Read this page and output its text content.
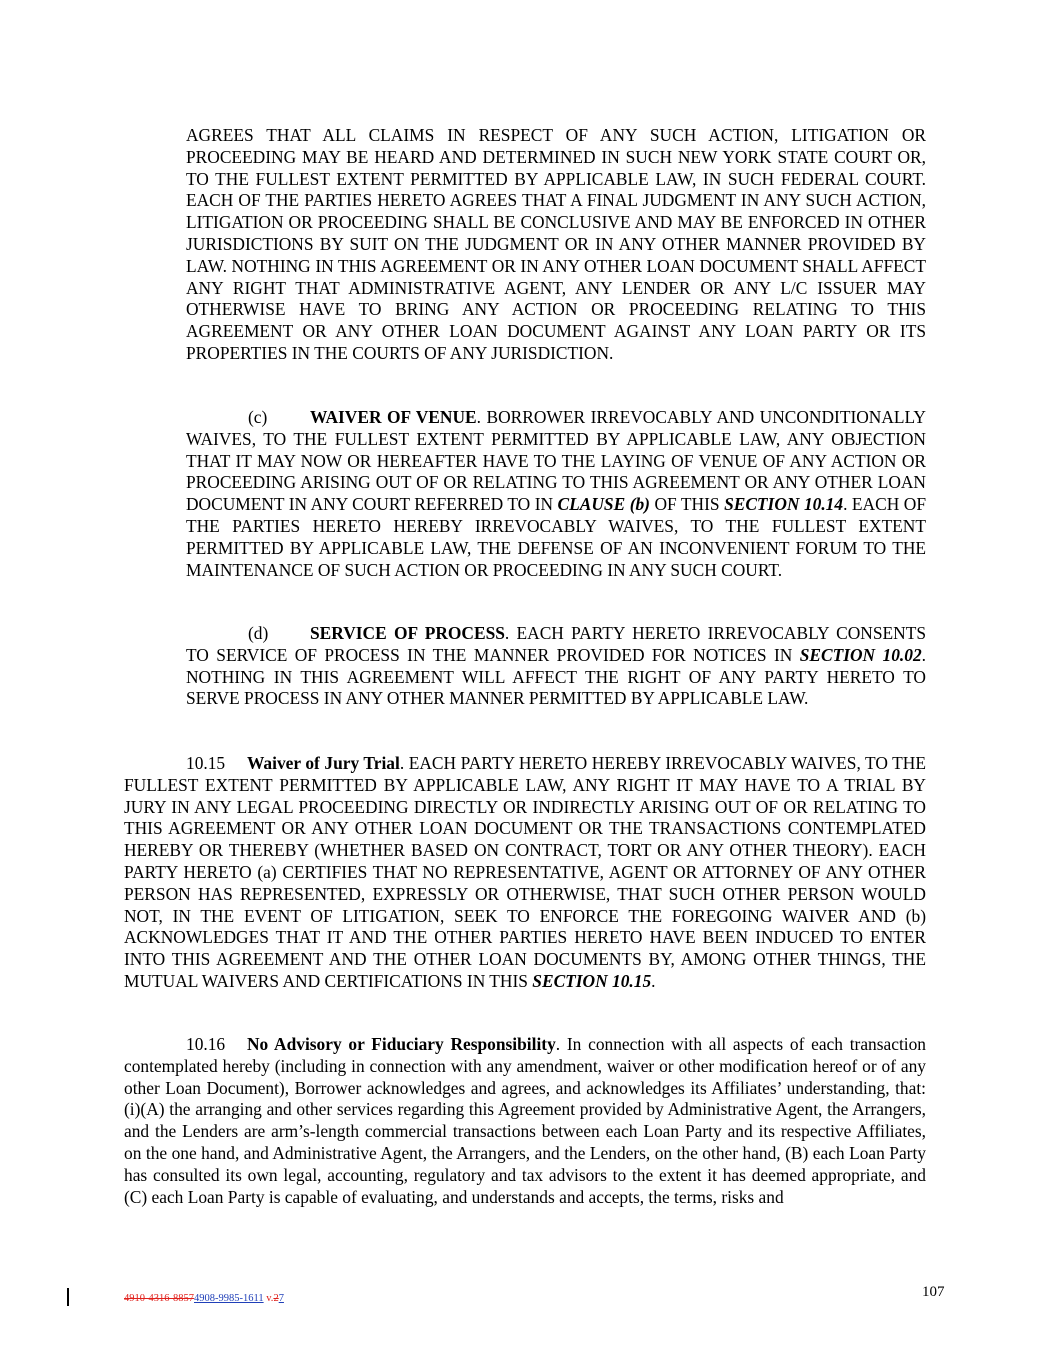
AGREES THAT ALL CLAIMS IN RESPECT OF ANY SUCH ACTION, LITIGATION OR PROCEEDING MAY BE HEARD AND DETERMINED IN SUCH NEW YORK STATE COURT OR, TO THE FULLEST EXTENT PERMITTED BY APPLICABLE LAW, IN SUCH FEDERAL COURT. EACH OF THE PARTIES HERETO AGREES THAT A FINAL JUDGMENT IN ANY SUCH ACTION, LITIGATION OR PROCEEDING SHALL BE CONCLUSIVE AND MAY BE ENFORCED IN OTHER JURISDICTIONS BY SUIT ON THE JUDGMENT OR IN ANY OTHER MANNER PROVIDED BY LAW. NOTHING IN THIS AGREEMENT OR IN ANY OTHER LOAN DOCUMENT SHALL AFFECT ANY RIGHT THAT ADMINISTRATIVE AGENT, ANY LENDER OR ANY L/C ISSUER MAY OTHERWISE HAVE TO BRING ANY ACTION OR PROCEEDING RELATING TO THIS AGREEMENT OR ANY OTHER LOAN DOCUMENT AGAINST ANY LOAN PARTY OR ITS PROPERTIES IN THE COURTS OF ANY JURISDICTION.

(c) WAIVER OF VENUE. BORROWER IRREVOCABLY AND UNCONDITIONALLY WAIVES, TO THE FULLEST EXTENT PERMITTED BY APPLICABLE LAW, ANY OBJECTION THAT IT MAY NOW OR HEREAFTER HAVE TO THE LAYING OF VENUE OF ANY ACTION OR PROCEEDING ARISING OUT OF OR RELATING TO THIS AGREEMENT OR ANY OTHER LOAN DOCUMENT IN ANY COURT REFERRED TO IN CLAUSE (b) OF THIS SECTION 10.14. EACH OF THE PARTIES HERETO HEREBY IRREVOCABLY WAIVES, TO THE FULLEST EXTENT PERMITTED BY APPLICABLE LAW, THE DEFENSE OF AN INCONVENIENT FORUM TO THE MAINTENANCE OF SUCH ACTION OR PROCEEDING IN ANY SUCH COURT.

(d) SERVICE OF PROCESS. EACH PARTY HERETO IRREVOCABLY CONSENTS TO SERVICE OF PROCESS IN THE MANNER PROVIDED FOR NOTICES IN SECTION 10.02. NOTHING IN THIS AGREEMENT WILL AFFECT THE RIGHT OF ANY PARTY HERETO TO SERVE PROCESS IN ANY OTHER MANNER PERMITTED BY APPLICABLE LAW.

10.15 Waiver of Jury Trial. EACH PARTY HERETO HEREBY IRREVOCABLY WAIVES, TO THE FULLEST EXTENT PERMITTED BY APPLICABLE LAW, ANY RIGHT IT MAY HAVE TO A TRIAL BY JURY IN ANY LEGAL PROCEEDING DIRECTLY OR INDIRECTLY ARISING OUT OF OR RELATING TO THIS AGREEMENT OR ANY OTHER LOAN DOCUMENT OR THE TRANSACTIONS CONTEMPLATED HEREBY OR THEREBY (WHETHER BASED ON CONTRACT, TORT OR ANY OTHER THEORY). EACH PARTY HERETO (a) CERTIFIES THAT NO REPRESENTATIVE, AGENT OR ATTORNEY OF ANY OTHER PERSON HAS REPRESENTED, EXPRESSLY OR OTHERWISE, THAT SUCH OTHER PERSON WOULD NOT, IN THE EVENT OF LITIGATION, SEEK TO ENFORCE THE FOREGOING WAIVER AND (b) ACKNOWLEDGES THAT IT AND THE OTHER PARTIES HERETO HAVE BEEN INDUCED TO ENTER INTO THIS AGREEMENT AND THE OTHER LOAN DOCUMENTS BY, AMONG OTHER THINGS, THE MUTUAL WAIVERS AND CERTIFICATIONS IN THIS SECTION 10.15.

10.16 No Advisory or Fiduciary Responsibility. In connection with all aspects of each transaction contemplated hereby (including in connection with any amendment, waiver or other modification hereof or of any other Loan Document), Borrower acknowledges and agrees, and acknowledges its Affiliates’ understanding, that: (i)(A) the arranging and other services regarding this Agreement provided by Administrative Agent, the Arrangers, and the Lenders are arm’s-length commercial transactions between each Loan Party and its respective Affiliates, on the one hand, and Administrative Agent, the Arrangers, and the Lenders, on the other hand, (B) each Loan Party has consulted its own legal, accounting, regulatory and tax advisors to the extent it has deemed appropriate, and (C) each Loan Party is capable of evaluating, and understands and accepts, the terms, risks and

4910-4316-88574908-9985-1611 v.27	107
